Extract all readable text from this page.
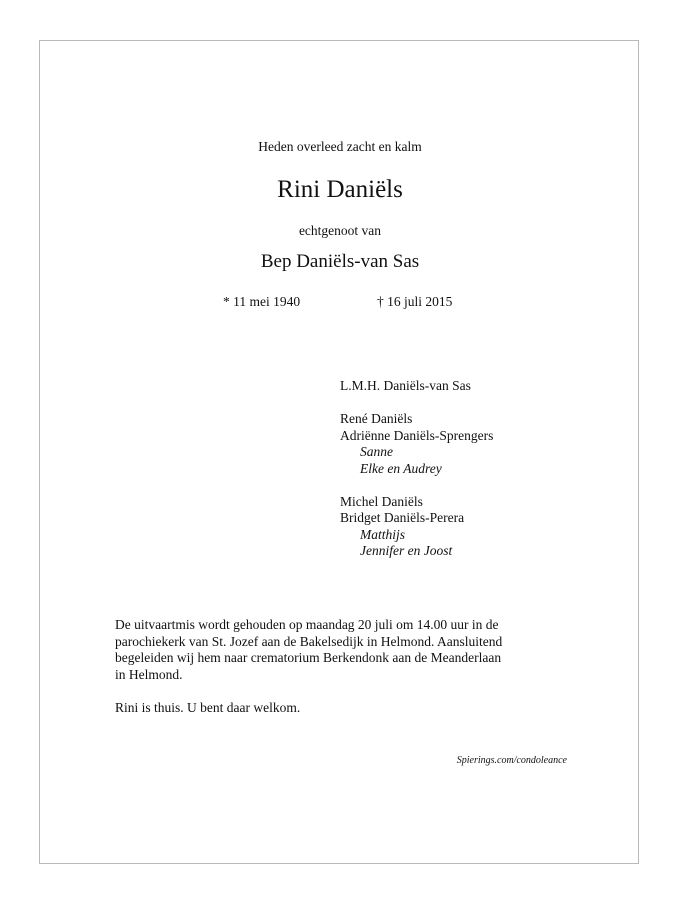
Heden overleed zacht en kalm
Rini Daniëls
echtgenoot van
Bep Daniëls-van Sas
* 11 mei 1940	† 16 juli 2015
L.M.H. Daniëls-van Sas
René Daniëls
Adriënne Daniëls-Sprengers
Sanne
Elke en Audrey
Michel Daniëls
Bridget Daniëls-Perera
Matthijs
Jennifer en Joost

De uitvaartmis wordt gehouden op maandag 20 juli om 14.00 uur in de
parochiekerk van St. Jozef aan de Bakelsedijk in Helmond. Aansluitend
begeleiden wij hem naar crematorium Berkendonk aan de Meanderlaan
in Helmond.

Rini is thuis. U bent daar welkom.

Spierings.com/condoleance
